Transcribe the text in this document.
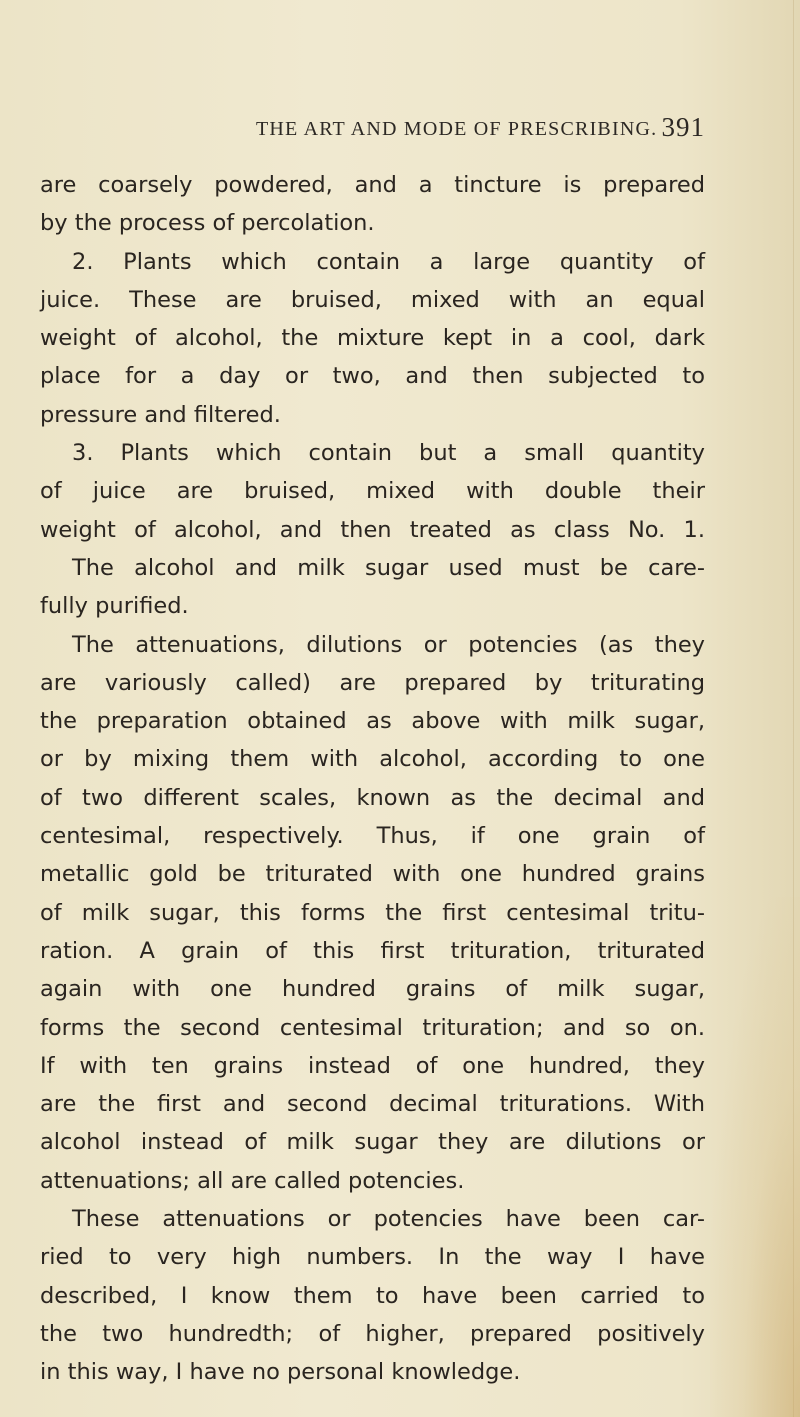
THE ART AND MODE OF PRESCRIBING. 391
are coarsely powdered, and a tincture is prepared
by the process of percolation.
2. Plants which contain a large quantity of
juice. These are bruised, mixed with an equal
weight of alcohol, the mixture kept in a cool, dark
place for a day or two, and then subjected to
pressure and filtered.
3. Plants which contain but a small quantity
of juice are bruised, mixed with double their
weight of alcohol, and then treated as class No. 1.
The alcohol and milk sugar used must be care-
fully purified.
The attenuations, dilutions or potencies (as they
are variously called) are prepared by triturating
the preparation obtained as above with milk sugar,
or by mixing them with alcohol, according to one
of two different scales, known as the decimal and
centesimal, respectively. Thus, if one grain of
metallic gold be triturated with one hundred grains
of milk sugar, this forms the first centesimal tritu-
ration. A grain of this first trituration, triturated
again with one hundred grains of milk sugar,
forms the second centesimal trituration; and so on.
If with ten grains instead of one hundred, they
are the first and second decimal triturations. With
alcohol instead of milk sugar they are dilutions or
attenuations; all are called potencies.
These attenuations or potencies have been car-
ried to very high numbers. In the way I have
described, I know them to have been carried to
the two hundredth; of higher, prepared positively
in this way, I have no personal knowledge.
